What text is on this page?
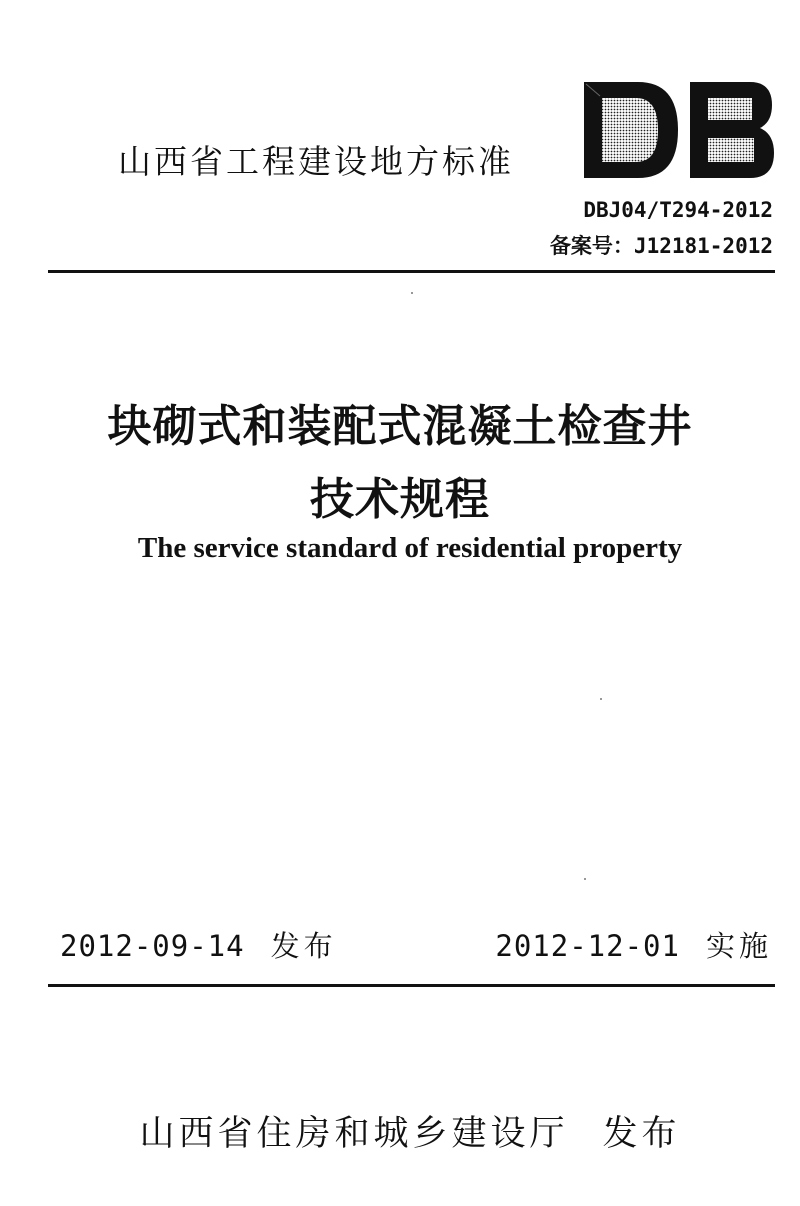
山西省工程建设地方标准
DBJ04/T294-2012
备案号：J12181-2012
块砌式和装配式混凝土检查井
技术规程
The service standard of residential property
2012-09-14 发布	2012-12-01 实施
山西省住房和城乡建设厅 发布
